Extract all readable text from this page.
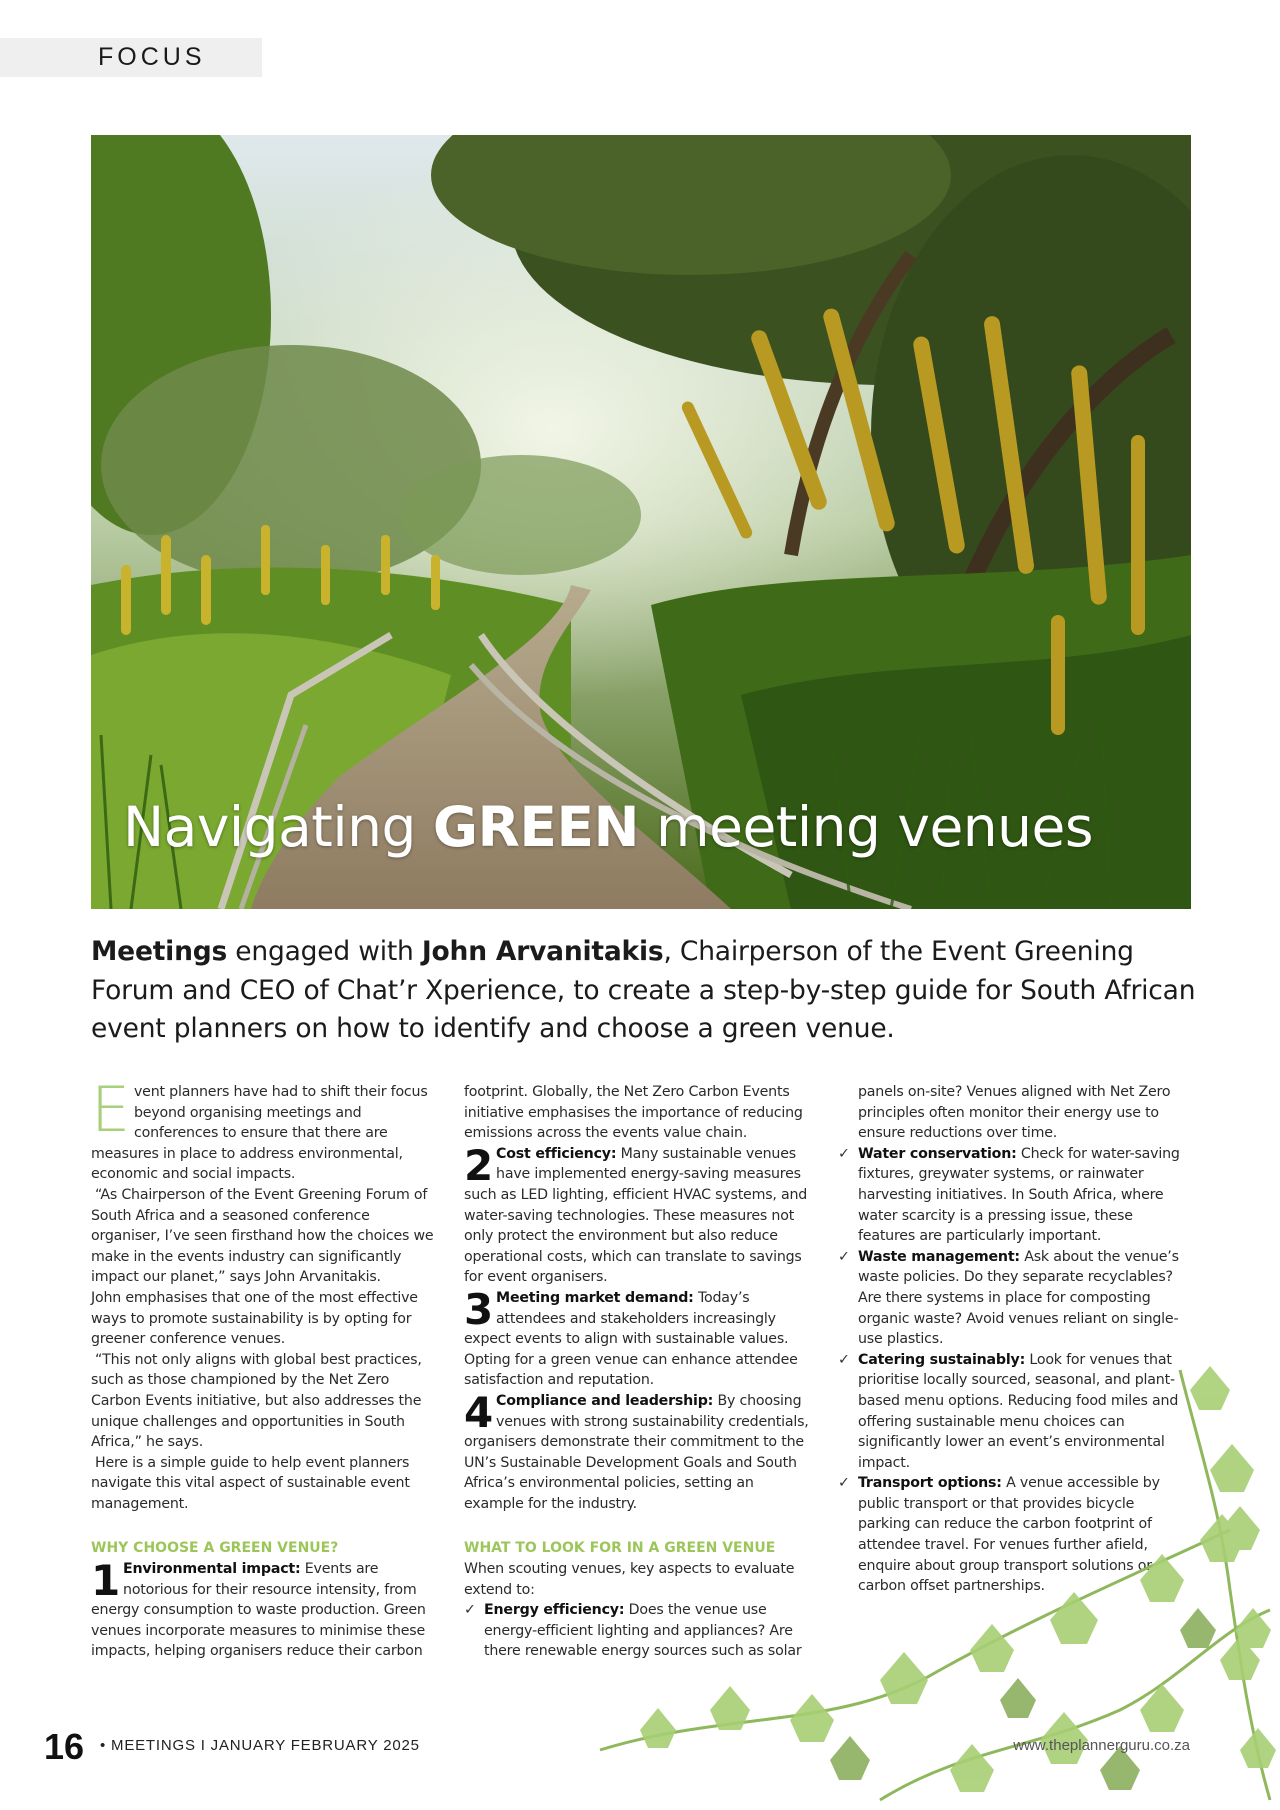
FOCUS
Navigating GREEN meeting venues

Meetings engaged with John Arvanitakis, Chairperson of the Event Greening Forum and CEO of Chat’r Xperience, to create a step-by-step guide for South African event planners on how to identify and choose a green venue.

Event planners have had to shift their focus beyond organising meetings and conferences to ensure that there are measures in place to address environmental, economic and social impacts.

“As Chairperson of the Event Greening Forum of South Africa and a seasoned conference organiser, I’ve seen firsthand how the choices we make in the events industry can significantly impact our planet,” says John Arvanitakis.

John emphasises that one of the most effective ways to promote sustainability is by opting for greener conference venues.

“This not only aligns with global best practices, such as those championed by the Net Zero Carbon Events initiative, but also addresses the unique challenges and opportunities in South Africa,” he says.

Here is a simple guide to help event planners navigate this vital aspect of sustainable event management.

WHY CHOOSE A GREEN VENUE?

1 Environmental impact: Events are notorious for their resource intensity, from energy consumption to waste production. Green venues incorporate measures to minimise these impacts, helping organisers reduce their carbon

footprint. Globally, the Net Zero Carbon Events initiative emphasises the importance of reducing emissions across the events value chain.

2 Cost efficiency: Many sustainable venues have implemented energy-saving measures such as LED lighting, efficient HVAC systems, and water-saving technologies. These measures not only protect the environment but also reduce operational costs, which can translate to savings for event organisers.

3 Meeting market demand: Today’s attendees and stakeholders increasingly expect events to align with sustainable values. Opting for a green venue can enhance attendee satisfaction and reputation.

4 Compliance and leadership: By choosing venues with strong sustainability credentials, organisers demonstrate their commitment to the UN’s Sustainable Development Goals and South Africa’s environmental policies, setting an example for the industry.

WHAT TO LOOK FOR IN A GREEN VENUE

When scouting venues, key aspects to evaluate extend to:

✓ Energy efficiency: Does the venue use energy-efficient lighting and appliances? Are there renewable energy sources such as solar

panels on-site? Venues aligned with Net Zero principles often monitor their energy use to ensure reductions over time.

✓ Water conservation: Check for water-saving fixtures, greywater systems, or rainwater harvesting initiatives. In South Africa, where water scarcity is a pressing issue, these features are particularly important.

✓ Waste management: Ask about the venue’s waste policies. Do they separate recyclables? Are there systems in place for composting organic waste? Avoid venues reliant on single-use plastics.

✓ Catering sustainably: Look for venues that prioritise locally sourced, seasonal, and plant-based menu options. Reducing food miles and offering sustainable menu choices can significantly lower an event’s environmental impact.

✓ Transport options: A venue accessible by public transport or that provides bicycle parking can reduce the carbon footprint of attendee travel. For venues further afield, enquire about group transport solutions or carbon offset partnerships.

16 • MEETINGS I JANUARY FEBRUARY 2025	www.theplannerguru.co.za
